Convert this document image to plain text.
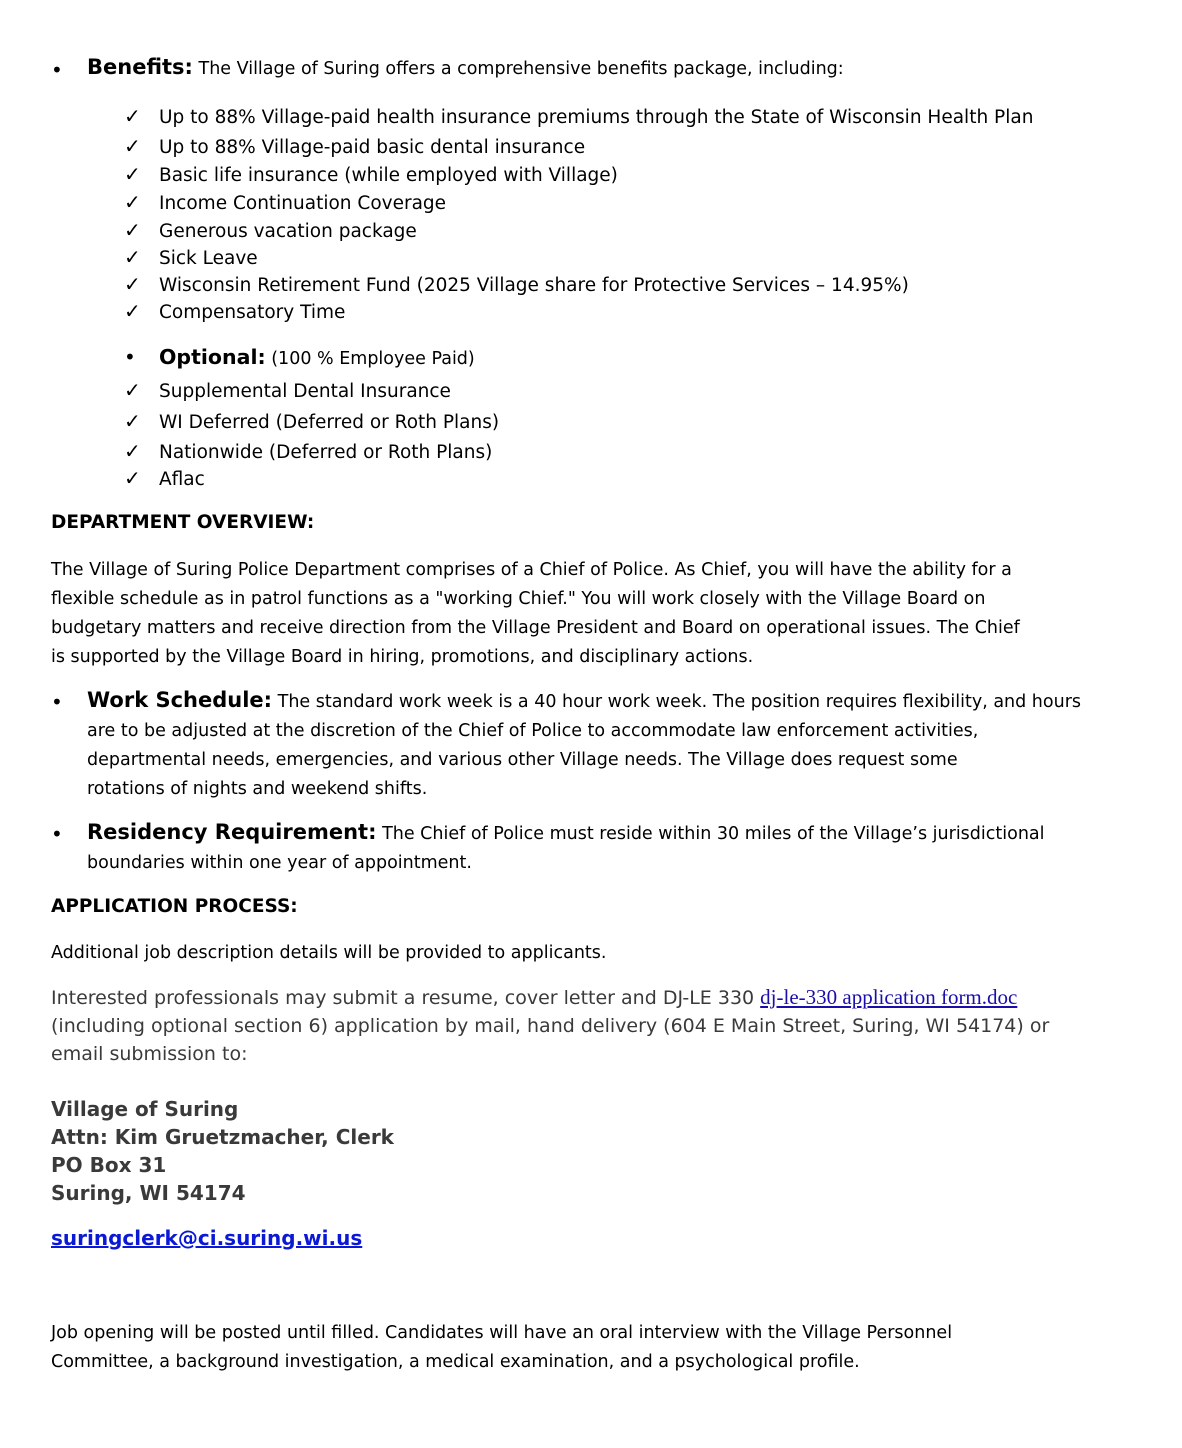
• Benefits: The Village of Suring offers a comprehensive benefits package, including:
✓ Up to 88% Village-paid health insurance premiums through the State of Wisconsin Health Plan
✓ Up to 88% Village-paid basic dental insurance
✓ Basic life insurance (while employed with Village)
✓ Income Continuation Coverage
✓ Generous vacation package
✓ Sick Leave
✓ Wisconsin Retirement Fund (2025 Village share for Protective Services – 14.95%)
✓ Compensatory Time
• Optional: (100 % Employee Paid)
✓ Supplemental Dental Insurance
✓ WI Deferred (Deferred or Roth Plans)
✓ Nationwide (Deferred or Roth Plans)
✓ Aflac
DEPARTMENT OVERVIEW:
The Village of Suring Police Department comprises of a Chief of Police. As Chief, you will have the ability for a
flexible schedule as in patrol functions as a "working Chief." You will work closely with the Village Board on
budgetary matters and receive direction from the Village President and Board on operational issues. The Chief
is supported by the Village Board in hiring, promotions, and disciplinary actions.
• Work Schedule: The standard work week is a 40 hour work week. The position requires flexibility, and hours
are to be adjusted at the discretion of the Chief of Police to accommodate law enforcement activities,
departmental needs, emergencies, and various other Village needs. The Village does request some
rotations of nights and weekend shifts.
• Residency Requirement: The Chief of Police must reside within 30 miles of the Village’s jurisdictional
boundaries within one year of appointment.
APPLICATION PROCESS:
Additional job description details will be provided to applicants.
Interested professionals may submit a resume, cover letter and DJ-LE 330 dj-le-330 application form.doc
(including optional section 6) application by mail, hand delivery (604 E Main Street, Suring, WI 54174) or
email submission to:
Village of Suring
Attn: Kim Gruetzmacher, Clerk
PO Box 31
Suring, WI 54174
suringclerk@ci.suring.wi.us
Job opening will be posted until filled. Candidates will have an oral interview with the Village Personnel
Committee, a background investigation, a medical examination, and a psychological profile.
